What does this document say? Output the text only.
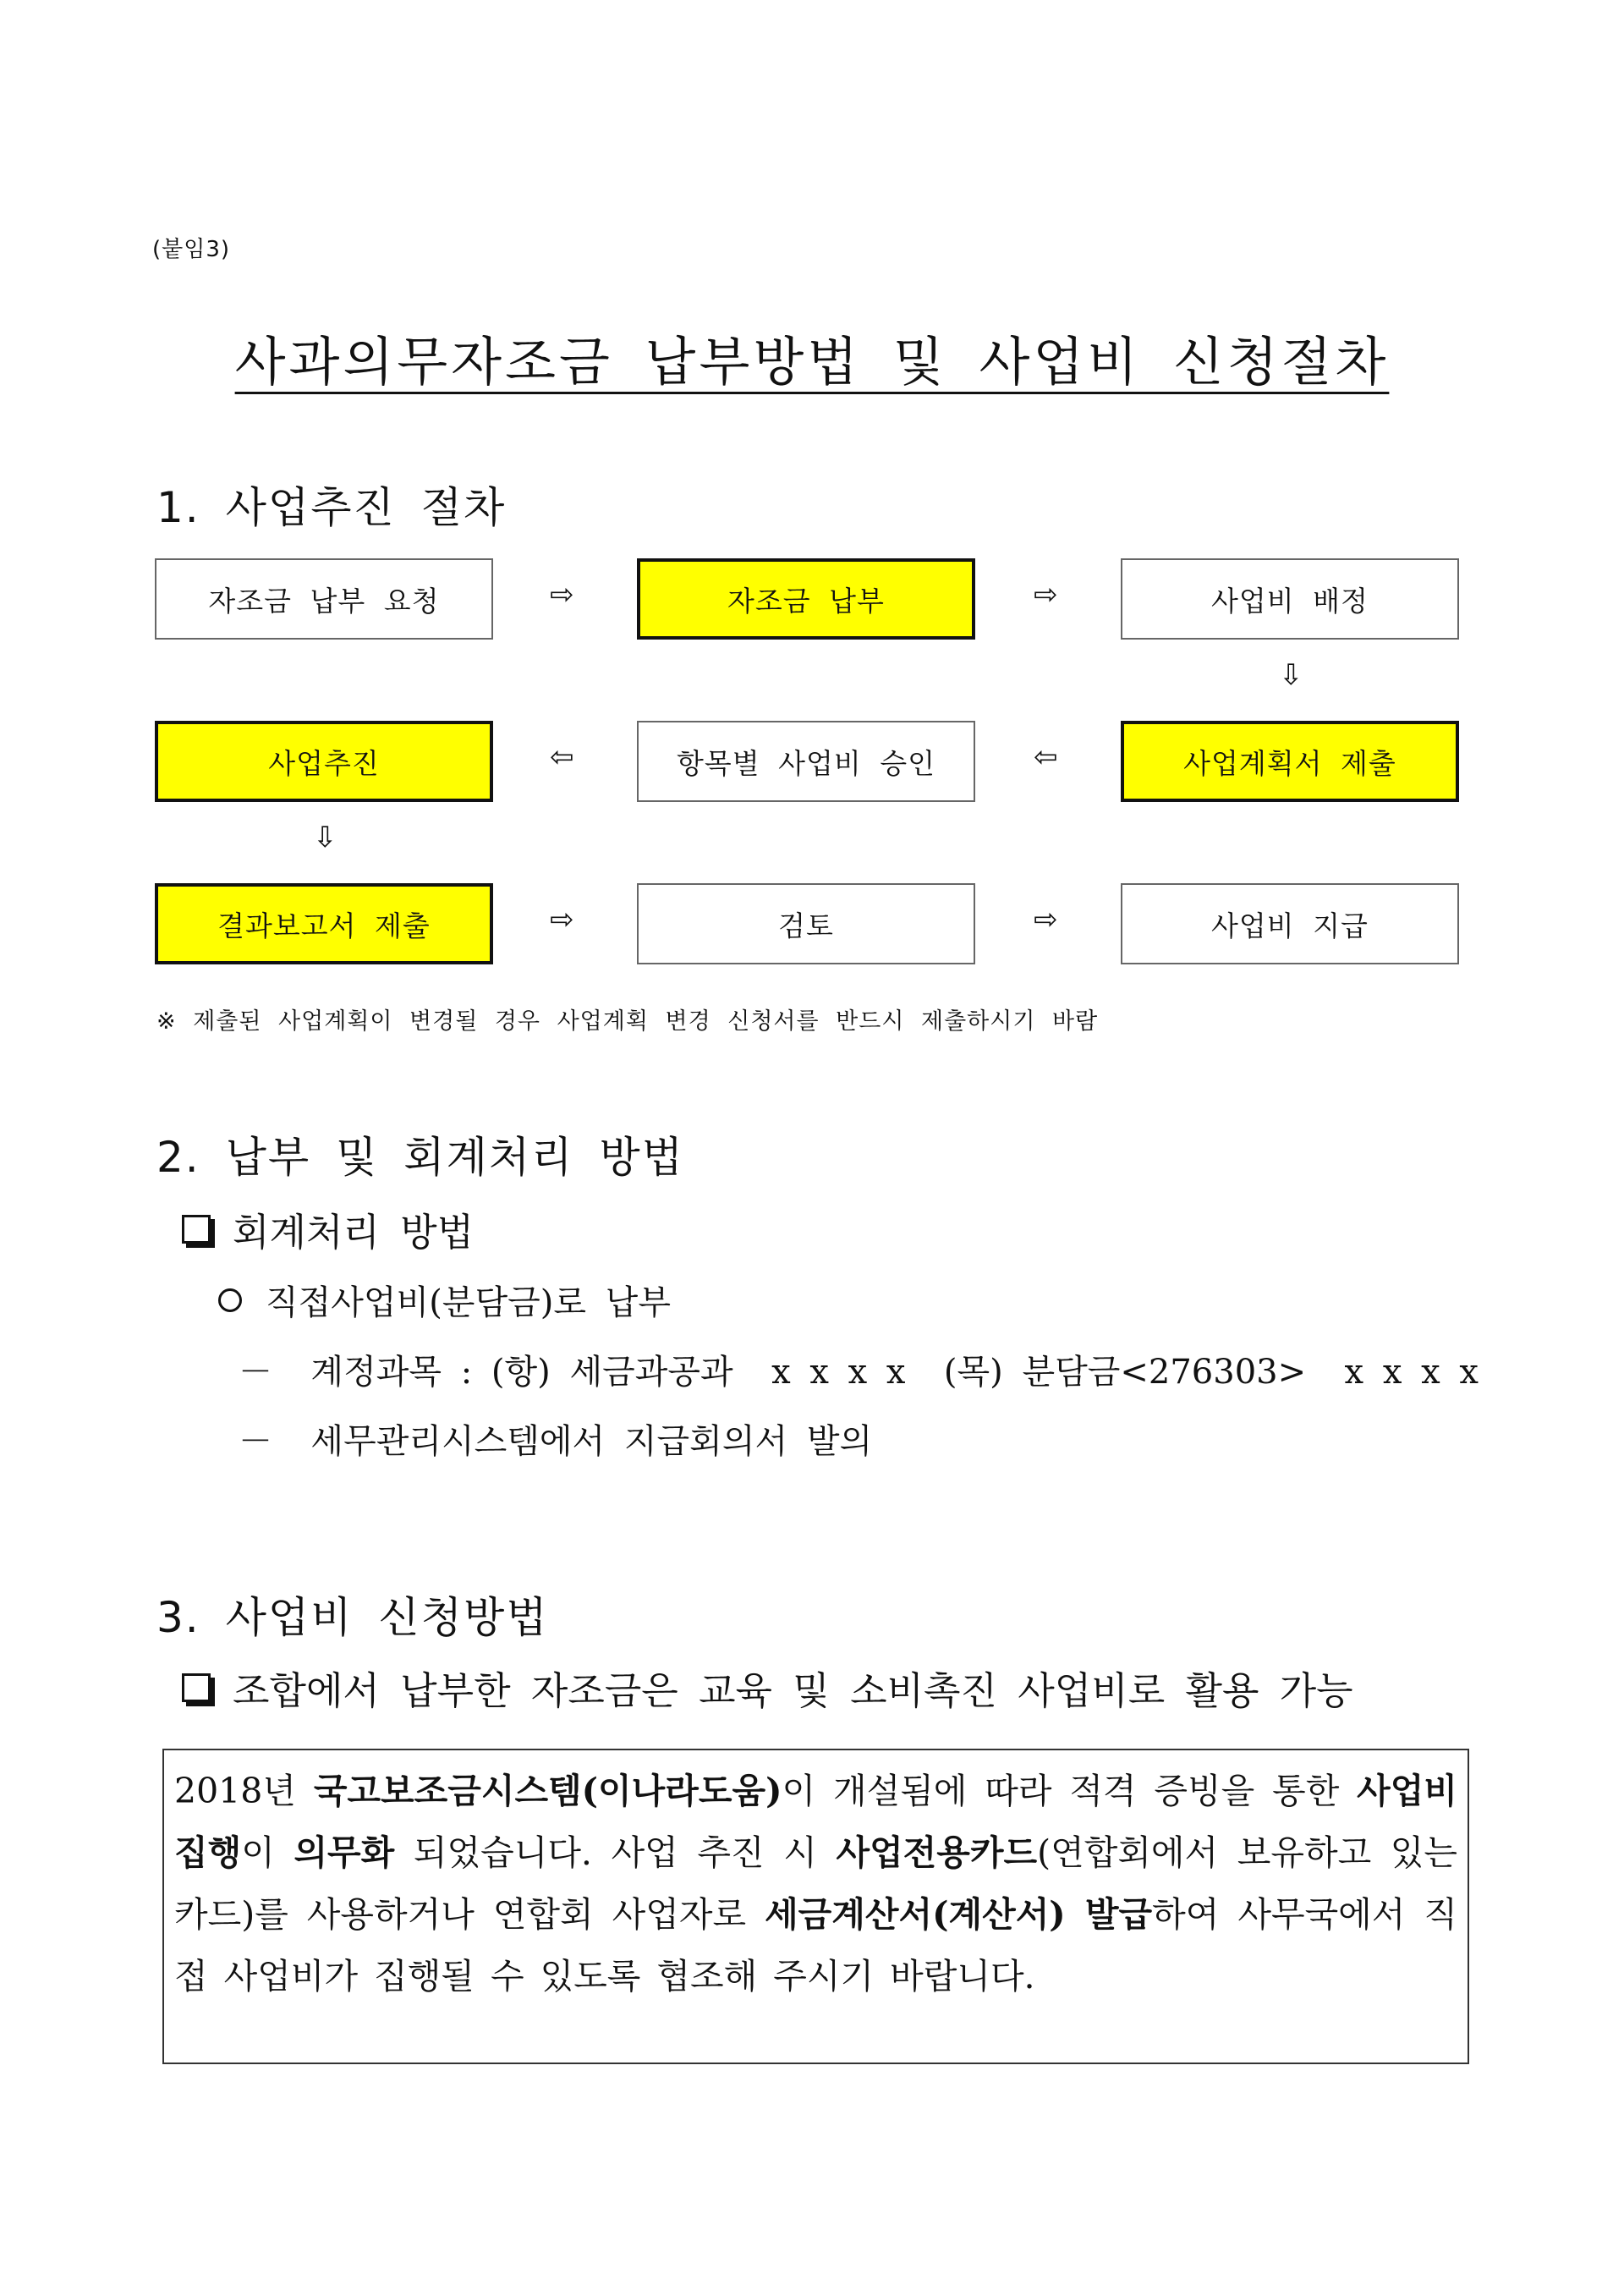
(붙임3)
사과의무자조금 납부방법 및 사업비 신청절차
1. 사업추진 절차
자조금 납부 요청	⇨	자조금 납부	⇨	사업비 배정
⇩
사업추진	⇦	항목별 사업비 승인	⇦	사업계획서 제출
⇩
결과보고서 제출	⇨	검토	⇨	사업비 지급
※ 제출된 사업계획이 변경될 경우 사업계획 변경 신청서를 반드시 제출하시기 바람
2. 납부 및 회계처리 방법
회계처리 방법
직접사업비(분담금)로 납부
－  계정과목 : (항) 세금과공과  x x x x  (목) 분담금<276303>  x x x x
－  세무관리시스템에서 지급회의서 발의
3. 사업비 신청방법
조합에서 납부한 자조금은 교육 및 소비촉진 사업비로 활용 가능
2018년 국고보조금시스템(이나라도움)이 개설됨에 따라 적격 증빙을 통한 사업비 집행이 의무화 되었습니다. 사업 추진 시 사업전용카드(연합회에서 보유하고 있는 카드)를 사용하거나 연합회 사업자로 세금계산서(계산서) 발급하여 사무국에서 직접 사업비가 집행될 수 있도록 협조해 주시기 바랍니다.
